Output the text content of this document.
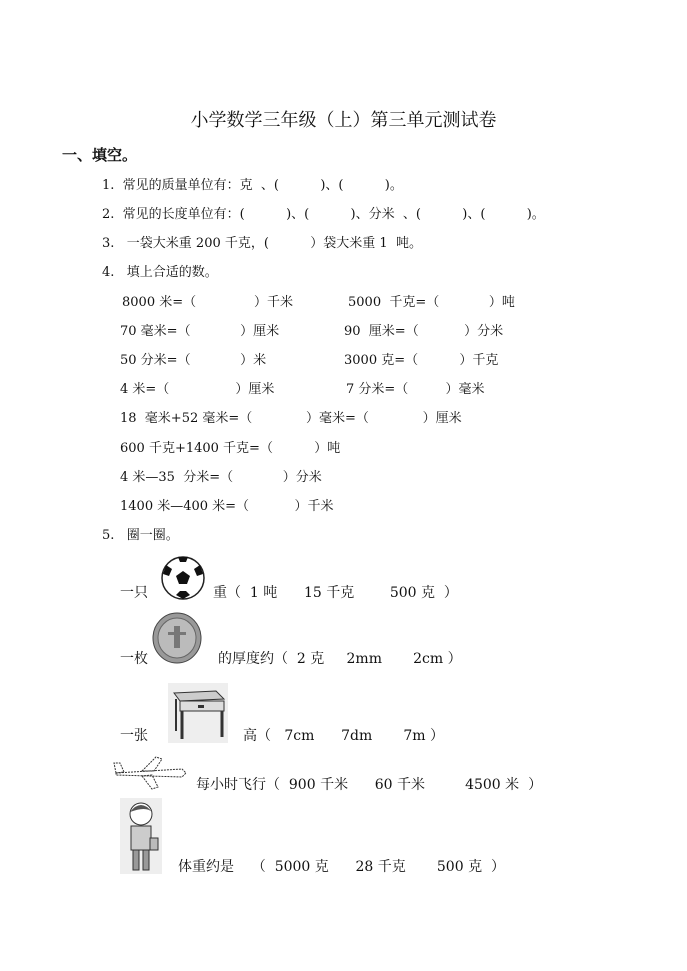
小学数学三年级（上）第三单元测试卷
一、填空。
1.  常见的质量单位有：克  、(          )、(          )。
2.  常见的长度单位有：(          )、(          )、分米  、(          )、(          )。
3.   一袋大米重 200 千克，(          ）袋大米重 1  吨。
4.   填上合适的数。
8000 米=（              ）千米	5000  千克=（            ）吨
70 毫米=（            ）厘米	90  厘米=（           ）分米
50 分米=（            ）米	3000 克=（          ）千克
4 米=（                ）厘米	7 分米=（         ）毫米
18  毫米+52 毫米=（             ）毫米=（             ）厘米
600 千克+1400 千克=（          ）吨
4 米—35  分米=（            ）分米
1400 米—400 米=（           ）千米
5.   圈一圈。
一只	重（  1 吨      15 千克        500 克  ）
一枚	的厚度约（  2 克     2mm       2cm ）
一张	高（   7cm      7dm       7m ）
每小时飞行（  900 千米      60 千米         4500 米  ）
体重约是    （  5000 克      28 千克       500 克  ）
